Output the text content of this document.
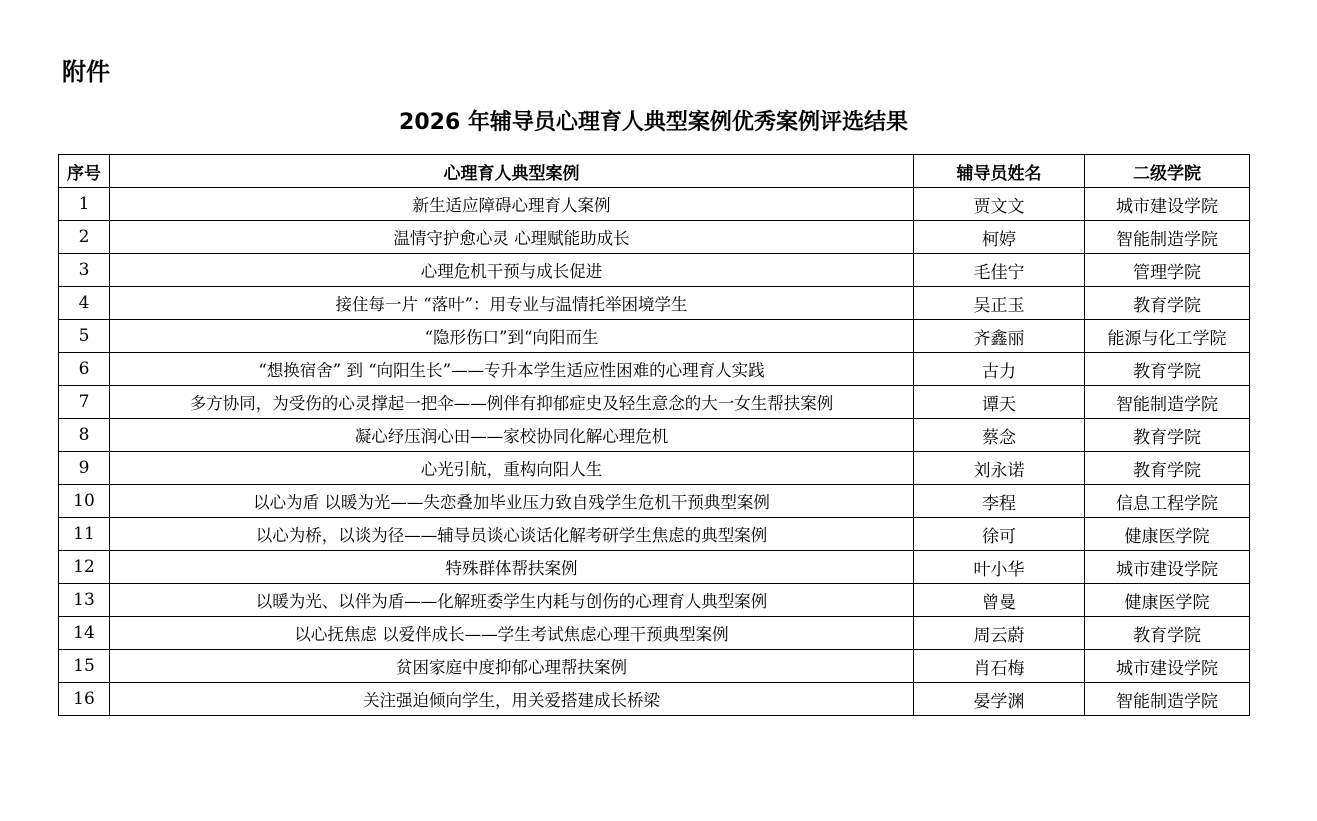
附件
2026 年辅导员心理育人典型案例优秀案例评选结果
序号	心理育人典型案例	辅导员姓名	二级学院
1	新生适应障碍心理育人案例	贾文文	城市建设学院
2	温情守护愈心灵 心理赋能助成长	柯婷	智能制造学院
3	心理危机干预与成长促进	毛佳宁	管理学院
4	接住每一片 “落叶”：用专业与温情托举困境学生	吴正玉	教育学院
5	“隐形伤口”到“向阳而生	齐鑫丽	能源与化工学院
6	“想换宿舍” 到 “向阳生长”——专升本学生适应性困难的心理育人实践	古力	教育学院
7	多方协同，为受伤的心灵撑起一把伞——例伴有抑郁症史及轻生意念的大一女生帮扶案例	谭天	智能制造学院
8	凝心纾压润心田——家校协同化解心理危机	蔡念	教育学院
9	心光引航，重构向阳人生	刘永诺	教育学院
10	以心为盾 以暖为光——失恋叠加毕业压力致自残学生危机干预典型案例	李程	信息工程学院
11	以心为桥，以谈为径——辅导员谈心谈话化解考研学生焦虑的典型案例	徐可	健康医学院
12	特殊群体帮扶案例	叶小华	城市建设学院
13	以暖为光、以伴为盾——化解班委学生内耗与创伤的心理育人典型案例	曾曼	健康医学院
14	以心抚焦虑 以爱伴成长——学生考试焦虑心理干预典型案例	周云蔚	教育学院
15	贫困家庭中度抑郁心理帮扶案例	肖石梅	城市建设学院
16	关注强迫倾向学生，用关爱搭建成长桥梁	晏学渊	智能制造学院
